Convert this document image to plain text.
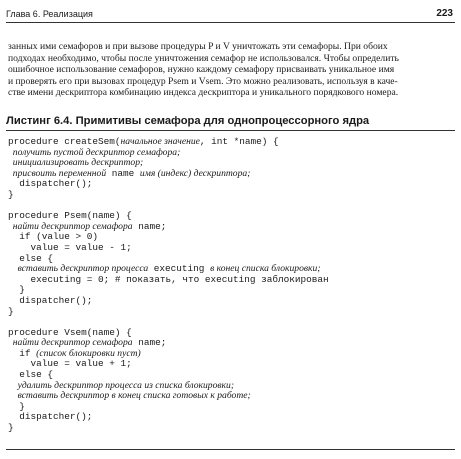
Глава 6. Реализация	223
занных ими семафоров и при вызове процедуры P и V уничтожать эти семафоры. При обоих
подходах необходимо, чтобы после уничтожения семафор не использовался. Чтобы определить
ошибочное использование семафоров, нужно каждому семафору присваивать уникальное имя
и проверять его при вызовах процедур Psem и Vsem. Это можно реализовать, используя в каче-
стве имени дескриптора комбинацию индекса дескриптора и уникального порядкового номера.
Листинг 6.4. Примитивы семафора для однопроцессорного ядра
procedure createSem(начальное значение, int *name) {
получить пустой дескриптор семафора;
инициализировать дескриптор;
присвоить переменной name имя (индекс) дескриптора;
dispatcher();
}
procedure Psem(name) {
найти дескриптор семафора name;
if (value > 0)
value = value - 1;
else {
вставить дескриптор процесса executing в конец списка блокировки;
executing = 0; # показать, что executing заблокирован
}
dispatcher();
}
procedure Vsem(name) {
найти дескриптор семафора name;
if (список блокировки пуст)
value = value + 1;
else {
удалить дескриптор процесса из списка блокировки;
вставить дескриптор в конец списка готовых к работе;
}
dispatcher();
}
